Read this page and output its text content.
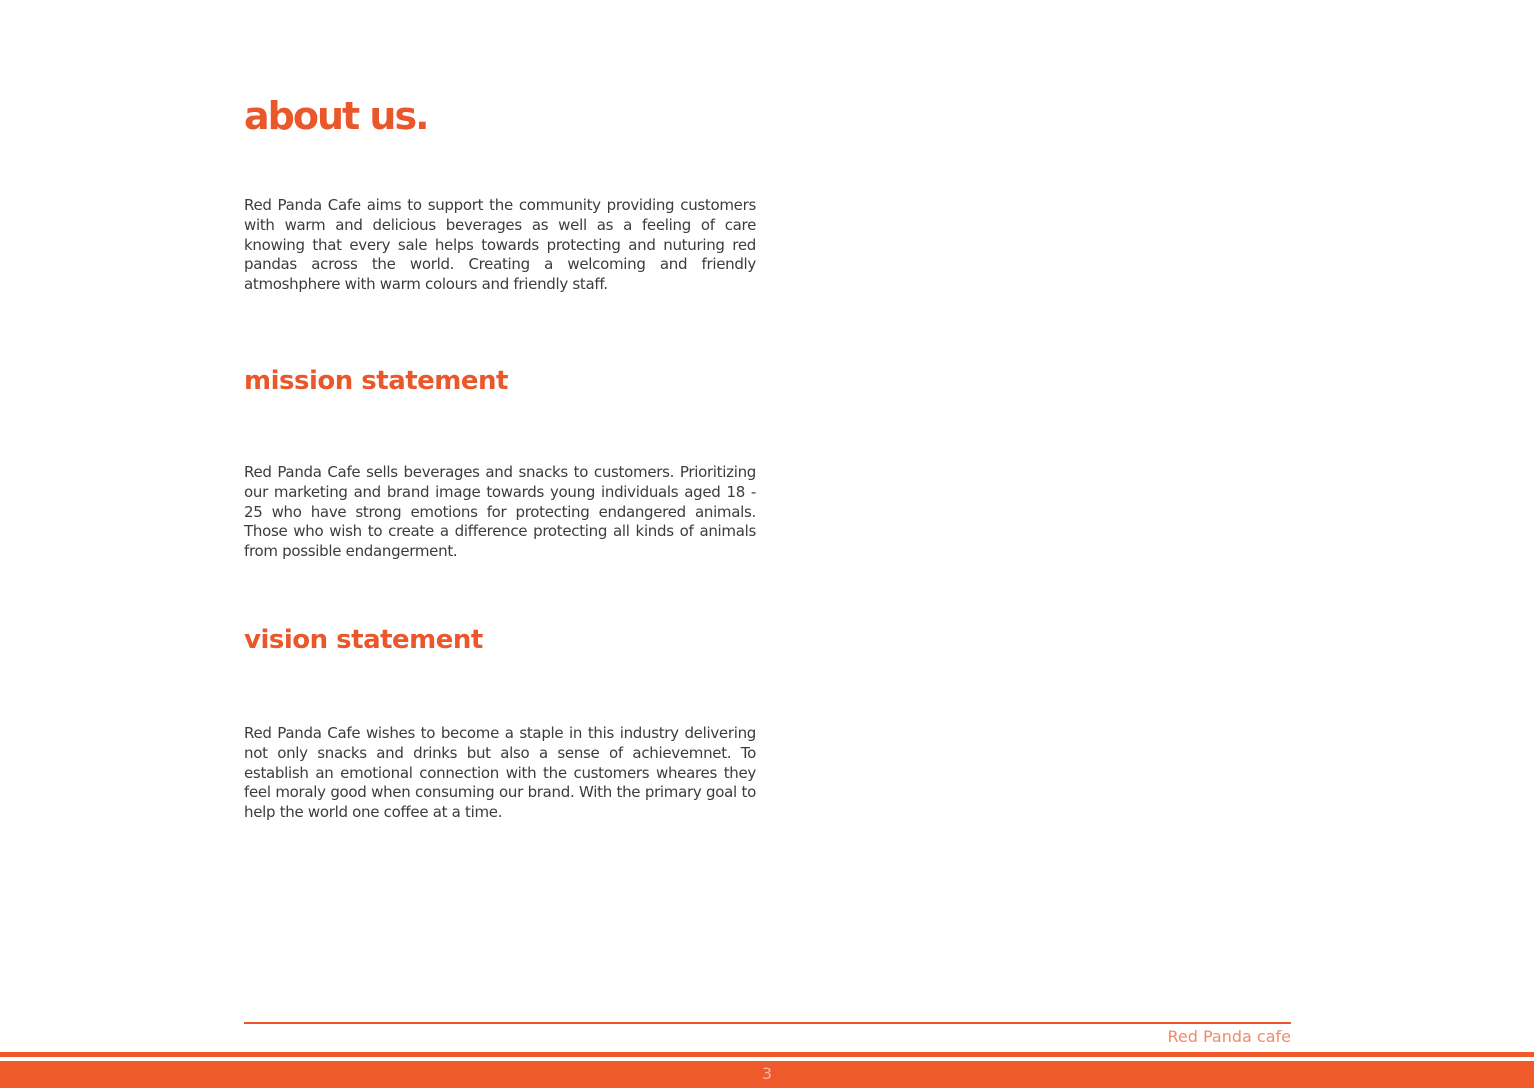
about us.

Red Panda Cafe aims to support the community providing customers with warm and delicious beverages as well as a feeling of care knowing that every sale helps towards protecting and nuturing red pandas across the world. Creating a welcoming and friendly atmoshphere with warm colours and friendly staff.

mission statement

Red Panda Cafe sells beverages and snacks to customers. Prioritizing our marketing and brand image towards young individuals aged 18 - 25 who have strong emotions for protecting endangered animals. Those who wish to create a difference protecting all kinds of animals from possible endangerment.

vision statement

Red Panda Cafe wishes to become a staple in this industry delivering not only snacks and drinks but also a sense of achievemnet. To establish an emotional connection with the customers wheares they feel moraly good when consuming our brand. With the primary goal to help the world one coffee at a time.

Red Panda cafe
3
